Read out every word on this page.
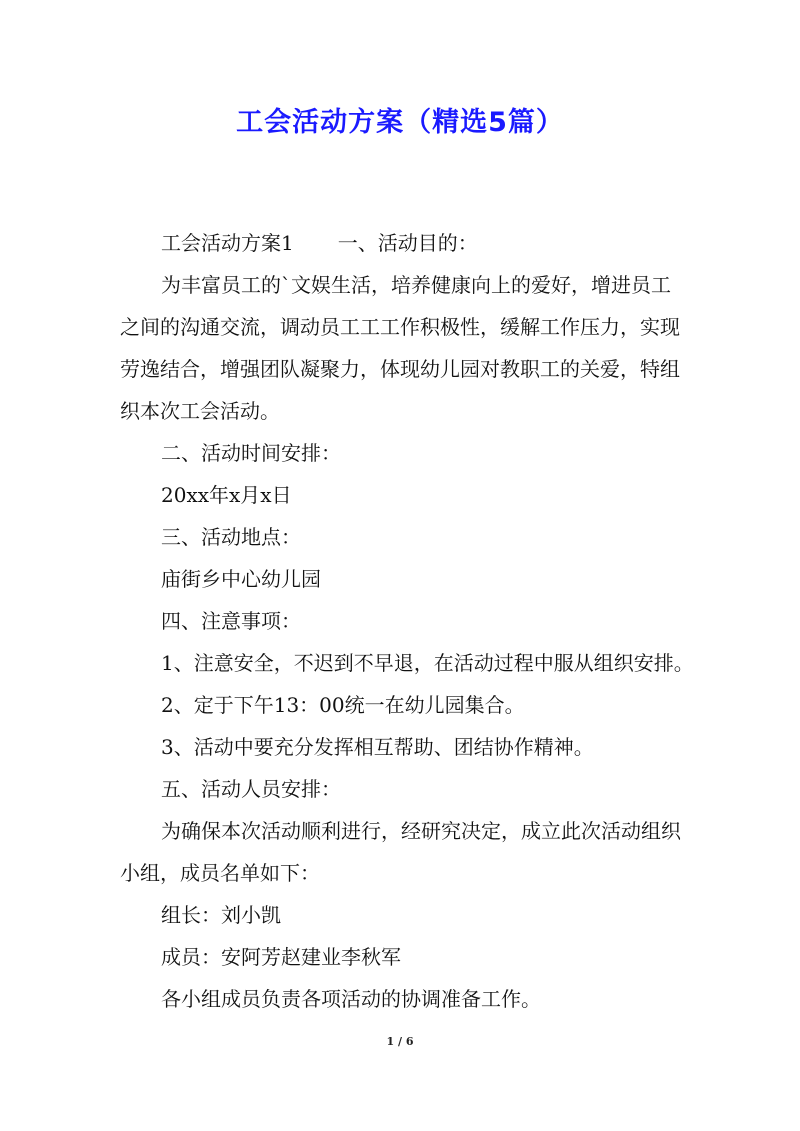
工会活动方案（精选5篇）

工会活动方案1 一、活动目的：

为丰富员工的`文娱生活，培养健康向上的爱好，增进员工

之间的沟通交流，调动员工工工作积极性，缓解工作压力，实现

劳逸结合，增强团队凝聚力，体现幼儿园对教职工的关爱，特组

织本次工会活动。

二、活动时间安排：

20xx年x月x日

三、活动地点：

庙街乡中心幼儿园

四、注意事项：

1、注意安全，不迟到不早退，在活动过程中服从组织安排。

2、定于下午13：00统一在幼儿园集合。

3、活动中要充分发挥相互帮助、团结协作精神。

五、活动人员安排：

为确保本次活动顺利进行，经研究决定，成立此次活动组织

小组，成员名单如下：

组长：刘小凯

成员：安阿芳赵建业李秋军

各小组成员负责各项活动的协调准备工作。

1 / 6
